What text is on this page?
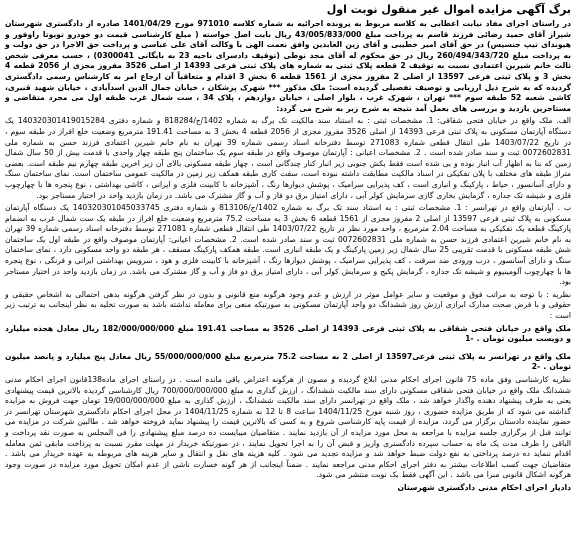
برگ آگهی مزایده اموال غیر منقول نوبت اول
در راستای اجرای مفاد نیابت اعطایی به کلاسه مربوط به پرونده اجرائیه به شماره کلاسه 971010 مورخ 1401/04/29 صادره از دادگستری شهرستان شیراز آقای حمید رضائی فرزند قاسم به پرداخت مبلغ 43/005/833/000 ریال بابت اصل خواسته ( مبلغ کارشناسی قیمت دو خودرو تویوتا راوفور و هیوندای تیپ جنسیس) در حق آقای امیر خطیبی و آقای زین العابدین وافق نعمت الهی با وکالت آقای علی عباسی و پرداخت حق الاجرا در حق دولت و به پرداخت مبلغ 260/494/343/720 ریال در حق محکوم له آقای مجد نوطی (توقیف دادسرای ناحیه 23 به بایگانی 0300041) ، حسب معرفی شخص ثالث خانم شیرین اعتمادی نسبت به توقیف 2 قطعه پلاک ثبتی به شماره های پلاک ثبتی فرعی 14393 از اصلی 3526 مفروز مجزی از 2056 قطعه 4 بخش 3 و پلاک ثبتی فرعی 13597 از اصلی 2 مفروز مجزی از 1561 قطعه 6 بخش 3 اقدام و متعاقباً آن ارجاع امر به کارشناس رسمی دادگستری گردیده که به شرح ذیل ارزیابی و توصیف تفصیلی گردیده است: ملک مذکور *** شهرک پزشکان ، خیابان جمال الدین اسدآبادی ، خیابان شهید قنبری، کاشی شعبه 52 طبقه سوم *** تهران ، شهرک غرب ، بلوار اصلی ، خیابان دوازدهم ، پلاک 34 ، ست شمال غرب طبقه اول می مجرد متقاضی و مستاجرین بازدید و بررسی های بعمل آمد نتیجه به شرح زیر به شرح می گردد:
الف. ملک واقع در خیابان فتحی شقاقی: 1. مشخصات ثبتی : به استناد سند مالکیت تک برگ به شماره 1402/ج/818284 و شماره دفتری 140320301419015284 یک دستگاه آپارتمان مسکونی به پلاک ثبتی فرعی 14393 از اصلی 3526 مفروز مجزی از 2056 قطعه 4 بخش 3 به مساحت 191.41 مترمربع وضعیت خلع افراز در طبقه سوم ، در تاریخ 1403/07/22 طی انتقال قطعی شماره 271083 توسط دفترخانه اسناد رسمی شماره 39 تهران به نام خانم شیرین اعتمادی فرزند حسن به شماره ملی 0072602831 ثبت و سند صادر شده است . 2. مشخصات اعیانی : آپارتمان موصوف واقع در طبقه سوم یک ساختمان پنج طبقه چهار واحدی با قدمت بیش از 50 سال شمال زمین که بنا به اظهار آب انبار بوده و بی شده است فقط یکش جنوبی زیر انبار کنار چندگانی است ، چهار طبقه مسکونی بالای آن زیر اخرین طبقه چهارم نیم طبقه است. بعضی متراژ طبقه های مختلف با پلان تفکیکی در اسناد مالکیت مطابقت داشته نبوده است، سفت کاری طبقه همکف زیر زمین در مالکیت عمومی ساختمان است. نمای ساختمان سنگ و دارای آسانسور ، حیاط ، پارکینگ و انباری است ، کف پذیرایی سرامیک ، پوشش دیوارها رنگ ، آشپزخانه با کابینت فلزی و ایرانی ، کاشی بهداشتی ، نوع پنجره ها با چهارچوب فلزی و شیشه تک جداره ، گرمایش بخاری گازی سرمایش کولر آبی ، دارای امتیاز برق دو فاز و آب و گاز مشترک می باشد. در زمان بازدید واحد در اختیار مستاجر بود.
ب . آپارتمان واقع در تهرانسر : 1. مشخصات ثبتی : به استناد سند تک برگ به شماره 1402/ج/813106 و شماره دفتری 140320301045033745 یک دستگاه آپارتمان مسکونی به پلاک ثبتی فرعی 13597 از اصلی 2 مفروز مجزی از 1561 قطعه 6 بخش 3 به مساحت 75.2 مترمربع وضعیت خلع افراز در طبقه یک ست شمال غرب به انضمام پارکینگ قطعه یک تفکیکی به مساحت 2.04 مترمربع ، واحد مورد نظر در تاریخ 1403/07/22 طی انتقال قطعی شماره 271081 توسط دفترخانه اسناد رسمی شماره 39 تهران به نام خانم شیرین اعتمادی فرزند حسن به شماره ملی 0072602831 ثبت و سند صادر شده است. 2. مشخصات اعیانی: آپارتمان موصوف واقع در طبقه اول یک ساختمان شش طبقه مسکونی با قدمت تقریبی 25 سال شمال زیر زمین پارکینگ و یک طبقه انباری است. طبقه همکف پارکینگ مسقف ، هر طبقه دو واحد مسکونی دارد ، نمای ساختمان سنگ و دارای آسانسور ، درب ورودی ضد سرقت ، کف پذیرایی سرامیک ، پوشش دیوارها رنگ ، آشپزخانه با کابینت فلزی و هود ، سرویس بهداشتی ایرانی و فرنگی ، نوع پنجره ها با چهارچوب آلومینیوم و شیشه تک جداره ، گرمایش پکیج و سرمایش کولر آبی ، دارای امتیاز برق دو فاز و آب و گاز مشترک می باشد. در زمان بازدید واحد در اختیار مستاجر بود.
نظریه : با توجه به مراتب فوق و موقعیت و سایر عوامل موثر در ارزش و عدم وجود هرگونه منع قانونی و بدون در نظر گرفتن هرگونه بدهی احتمالی به اشخاص حقیقی و حقوقی و با فرض صحت مدارک ابرازی ارزش روز ششدانگ دو واحد آپارتمان مسکونی به صورتیکه منعی برای معامله نداشته باشد به صورت تخلیه به نظر اینجانب به ترتیب زیر است :
ملک واقع در خیابان فتحی شقاقی به پلاک ثبتی فرعی 14393 از اصلی 3526 به مساحت 191.41 مبلغ 182/000/000/000 ریال معادل هجده میلیارد و دویست میلیون تومان . -1
ملک واقع در تهرانسر به پلاک ثبتی فرعی13597 از اصلی 2 به مساحت 75.2 مترمربع مبلغ 55/000/000/000 ریال معادل پنج میلیارد و پانصد میلیون تومان . -2
نظریه کارشناسی وفق ماده 75 قانون اجرای احکام مدنی ابلاغ گردیده و مصون از هرگونه اعتراض باقی مانده است . در راستای اجرای ماده138قانون اجرای احکام مدنی ششدانگ ملک واقع در خیابان فتحی شقاقی مسکونی دارای سند مالکیت ششدانگ ، ارزش گذاری به مبلغ 700/000/000/000 ریال کارشناسی گردیده بالاترین قیمت پیشنهادی یعنی به طرف پیشنهاد دهنده واگذار خواهد شد ، ملک واقع در تهرانسر دارای سند مالکیت ششدانگ ، ارزش گذاری به مبلغ 19/000/000/000 تومان جهت فروش به مزایده گذاشته می شود که از طریق مزایده حضوری ، روز شنبه مورخ 1404/11/25 ساعت 8 تا 12 به شماره 1404/11/25 در محل اجرای احکام دادگستری شهرستان تهرانسر در حضور نماینده دادستان برگزار می گردد، مزایده از قیمت پایه کارشناسی شروع و به کسی که بالاترین قیمت را پیشنهاد نماید فروخته خواهد شد . طالبین شرکت در مزایده می توانند قبل از برگزاری جلسه مزایده با مراجعه به محل مورد مزایده از آن بازدید نمایند . متقاضیان میبایست ده درصد مبلغ پیشنهادی را فی المجلس به صورت نقد پرداخت و الباقی را ظرف مدت یک ماه به حساب سپرده دادگستری واریز و قبض آن را به اجرا تحویل نمایند ، در صورتیکه خریدار در مهلت مقرر نسبت به پرداخت مابقی ثمن معامله اقدام ننماید ده درصد پرداختی به نفع دولت ضبط خواهد شد و مزایده تجدید می شود . کلیه هزینه های نقل و انتقال و سایر هزینه های مربوطه به عهده خریدار می باشد . متقاضیان جهت کسب اطلاعات بیشتر به دفتر اجرای احکام مدنی مراجعه نمایند . ضمناً اینجانب از هر گونه خسارت ناشی از عدم امکان تحویل مورد مزایده در صورت وجود هرگونه اشکال قانونی مبرا می باشد . این آگهی فقط یک نوبت منتشر می شود.
دادیار اجرای احکام مدنی دادگستری شهرستان
